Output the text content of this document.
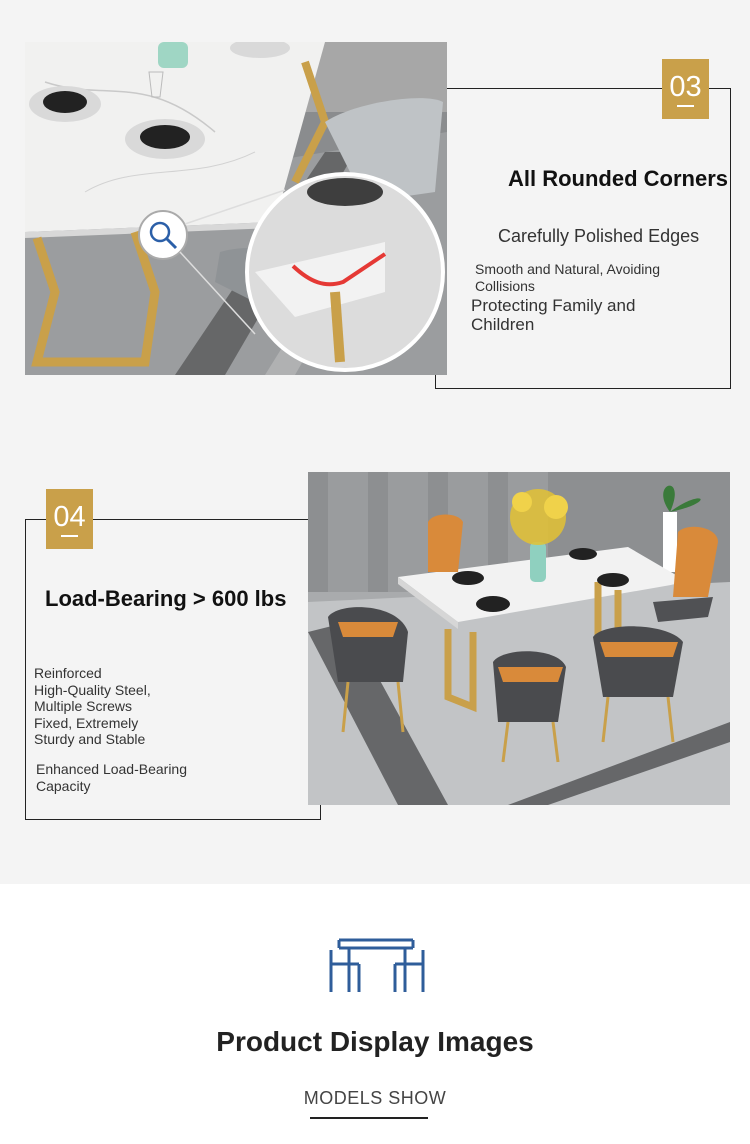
03
All Rounded Corners
Carefully Polished Edges
Smooth and Natural, Avoiding Collisions
Protecting Family and Children
04
Load-Bearing > 600 lbs
Reinforced
High-Quality Steel,
Multiple Screws
Fixed, Extremely
Sturdy and Stable
Enhanced Load-Bearing
Capacity
Product Display Images
MODELS SHOW
